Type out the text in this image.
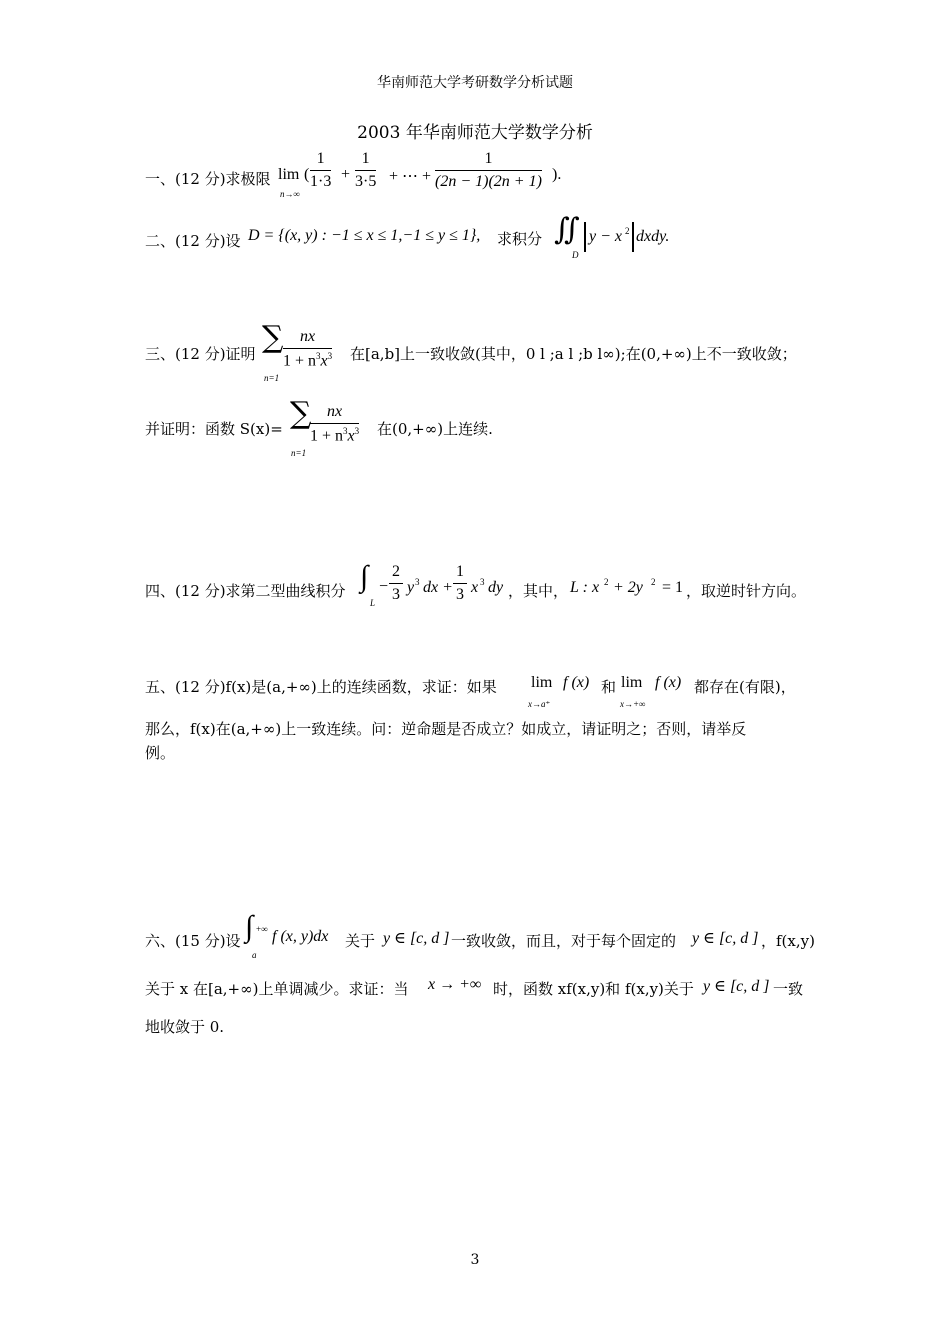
华南师范大学考研数学分析试题
2003 年华南师范大学数学分析
一、(12 分)求极限 lim
n→∞
( $\frac{1}{1\cdot 3} + \frac{1}{3\cdot 5}$ + ⋯ + $\frac{1}{(2n - 1)(2n + 1)}$ ).
二、(12 分)设 D = {(x, y) : −1 ≤ x ≤ 1,−1 ≤ y ≤ 1}, 求积分 ∬
D
y − x 2 dxdy.
三、(12 分)证明 ∑
n=1
$\frac{nx}{1 + n^3x^3}$ 在[a,b]上一致收敛(其中，0 l ;a l ;b l∞);在(0,+∞)上不一致收敛；
并证明：函数 S(x)= ∑
n=1
$\frac{nx}{1 + n^3x^3}$ 在(0,+∞)上连续.
四、(12 分)求第二型曲线积分 ∫
L
− $\frac{2}{3}$ y 3 dx + $\frac{1}{3}$ x 3 dy ，其中， L : x 2 + 2y 2 = 1 ，取逆时针方向。
五、(12 分)f(x)是(a,+∞)上的连续函数，求证：如果 lim
x→a⁺
f (x) 和 lim
x→+∞
f (x) 都存在(有限)，
那么，f(x)在(a,+∞)上一致连续。问：逆命题是否成立？如成立，请证明之；否则，请举反
例。
六、(15 分)设 ∫ +∞
a
f (x, y)dx 关于 y ∈ [c, d ] 一致收敛，而且，对于每个固定的 y ∈ [c, d ] ，f(x,y)
关于 x 在[a,+∞)上单调减少。求证：当 x → +∞ 时，函数 xf(x,y)和 f(x,y)关于 y ∈ [c, d ] 一致
地收敛于 0.
3
